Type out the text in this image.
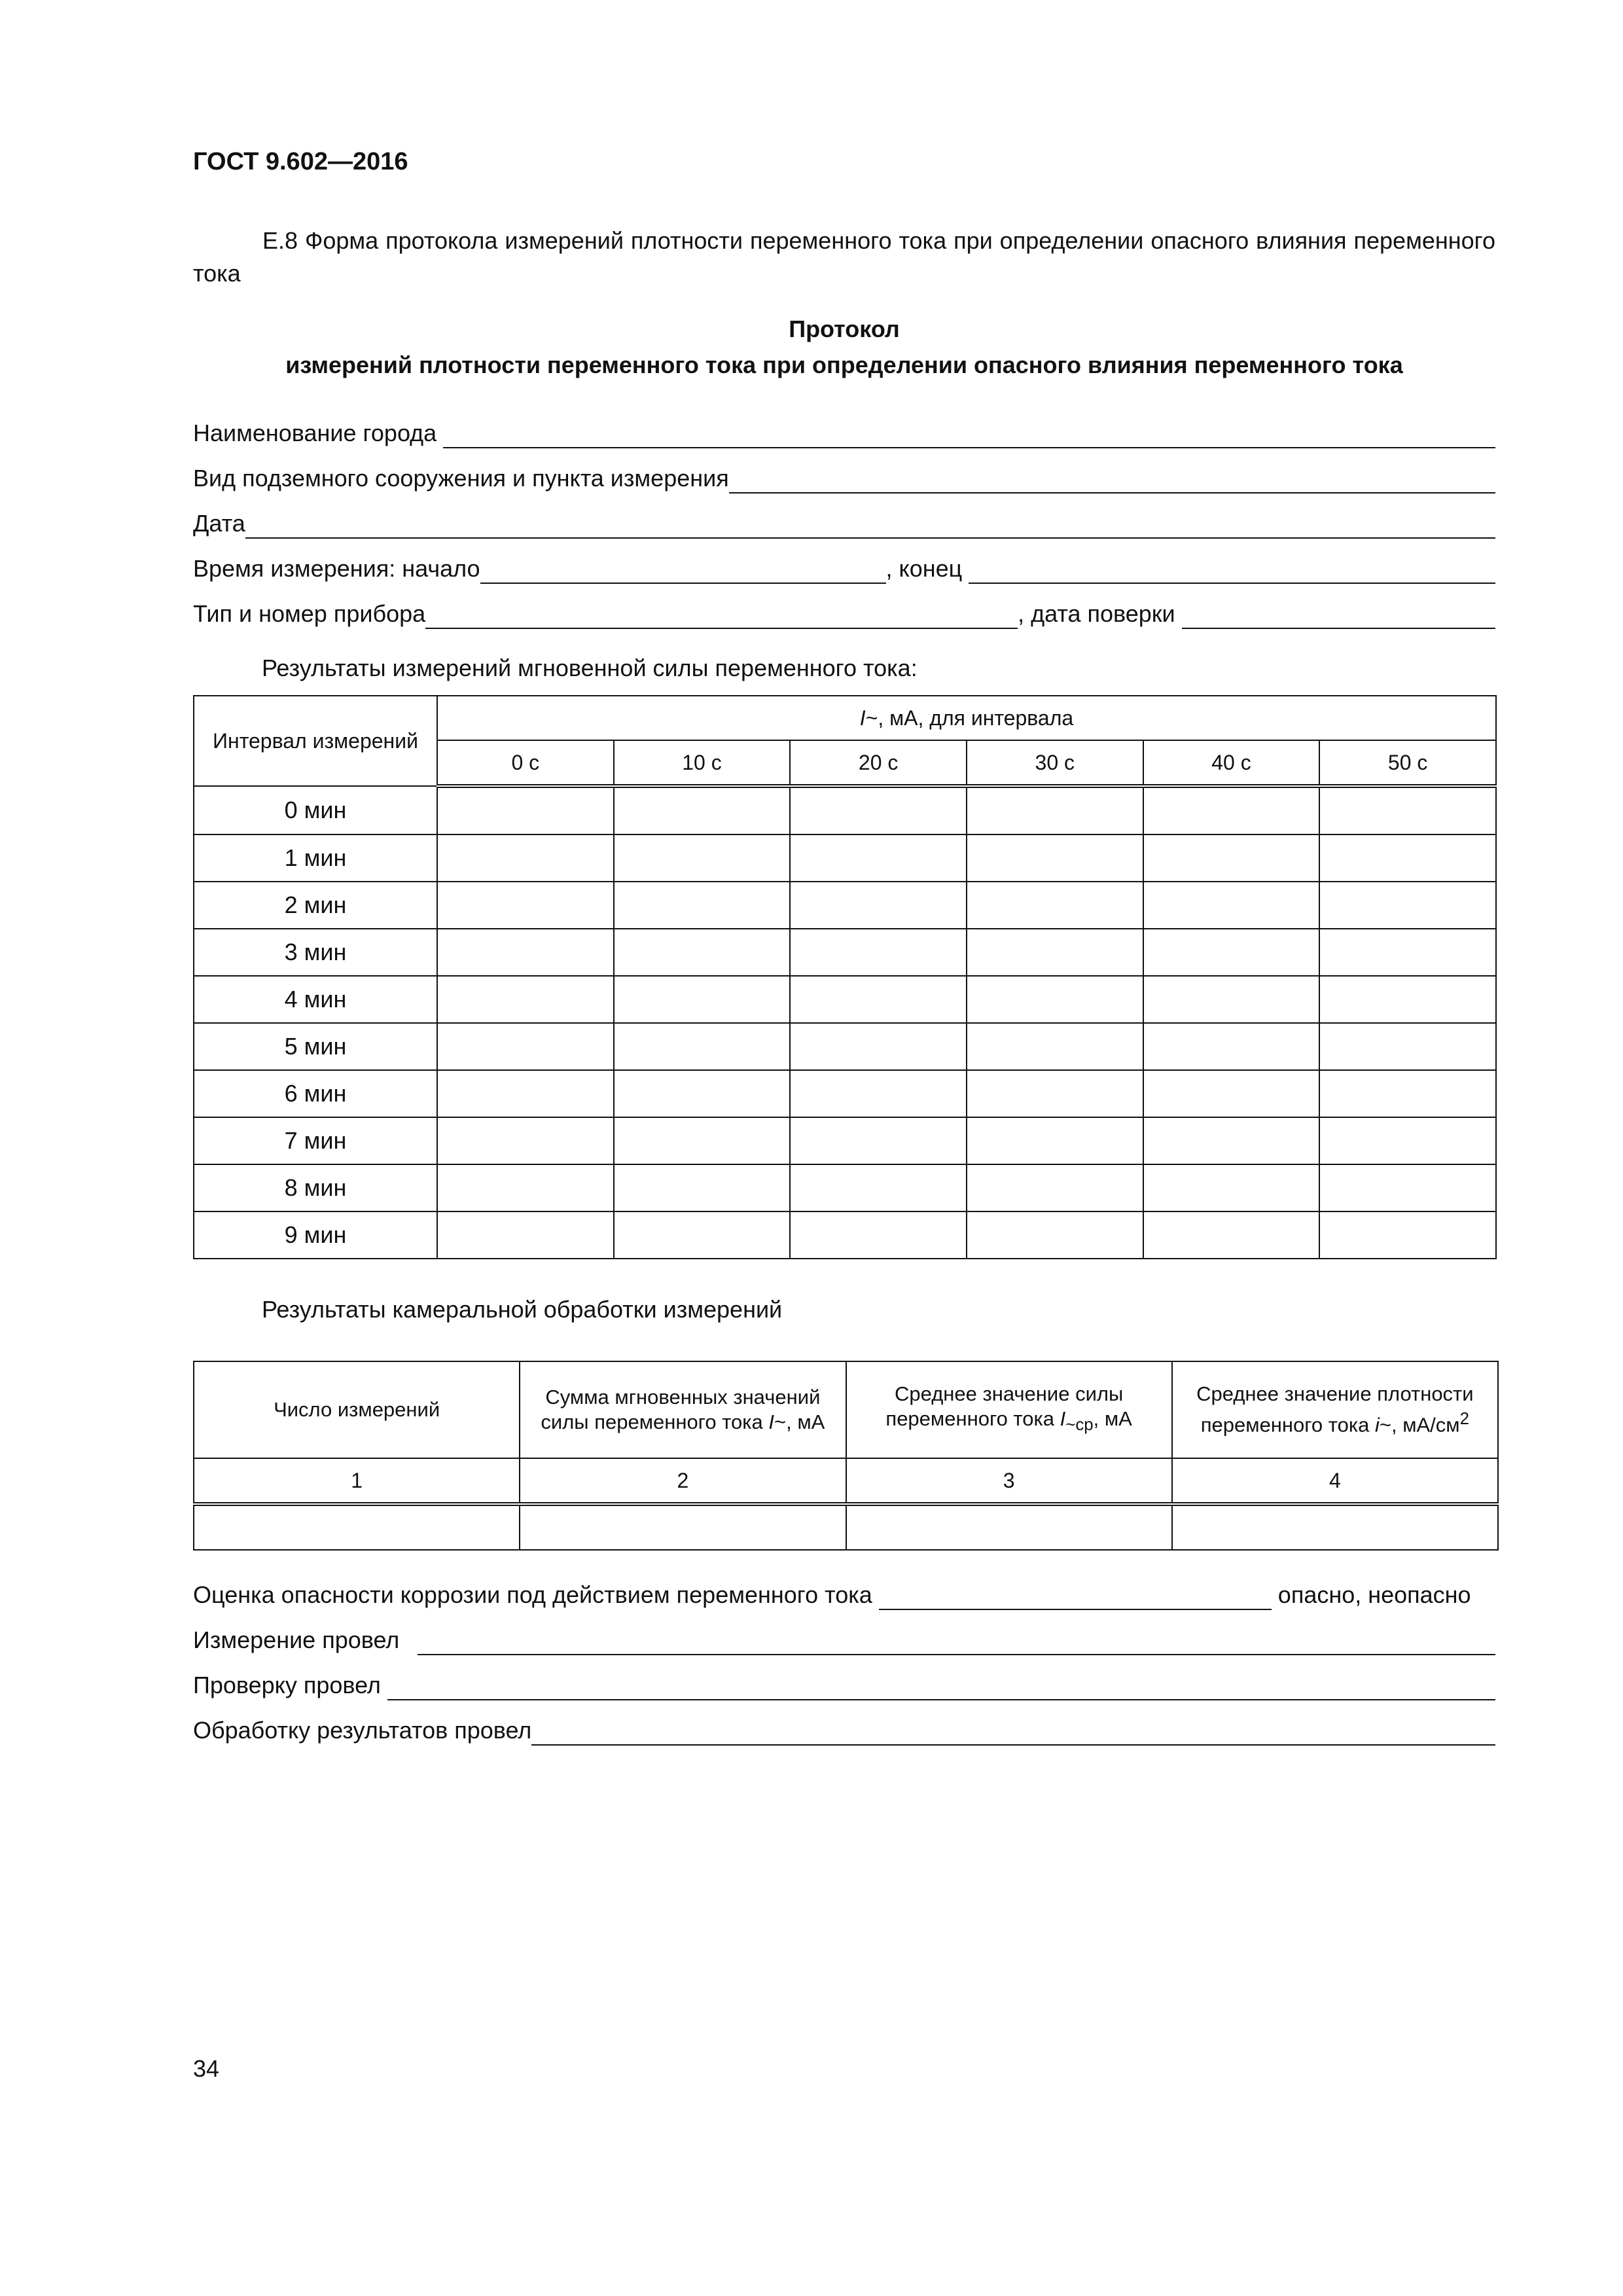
ГОСТ 9.602—2016
Е.8 Форма протокола измерений плотности переменного тока при определении опасного влияния переменного тока
Протокол
измерений плотности переменного тока при определении опасного влияния переменного тока
Наименование города
Вид подземного сооружения и пункта измерения
Дата
Время измерения: начало	, конец
Тип и номер прибора	, дата поверки
Результаты измерений мгновенной силы переменного тока:
Интервал измерений	I~, мА, для интервала					
	0 с	10 с	20 с	30 с	40 с	50 с
0 мин						
1 мин						
2 мин						
3 мин						
4 мин						
5 мин						
6 мин						
7 мин						
8 мин						
9 мин						
Результаты камеральной обработки измерений
Число измерений	Сумма мгновенных значений силы переменного тока I~, мА	Среднее значение силы переменного тока $I_{\sim ср}$, мА	Среднее значение плотности переменного тока i~, $мА/см^2$
1	2	3	4

Оценка опасности коррозии под действием переменного тока	опасно, неопасно
Измерение провел
Проверку провел
Обработку результатов провел
34
